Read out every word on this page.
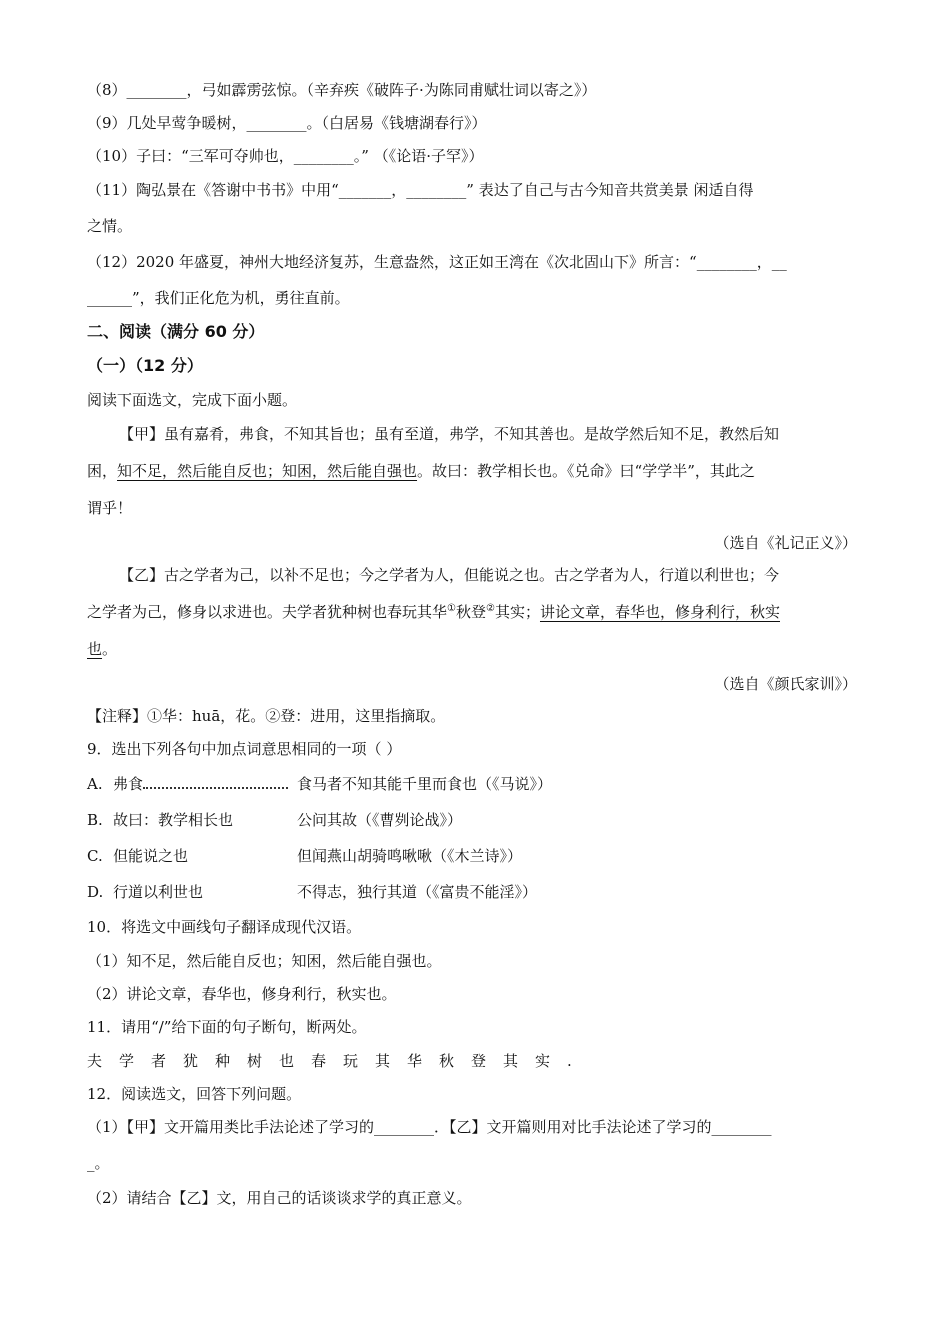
（8）________，弓如霹雳弦惊。（辛弃疾《破阵子·为陈同甫赋壮词以寄之》）
（9）几处早莺争暖树，________。（白居易《钱塘湖春行》）
（10）子曰：“三军可夺帅也，________。” （《论语·子罕》）
（11）陶弘景在《答谢中书书》中用“_______，________” 表达了自己与古今知音共赏美景 闲适自得
之情。
（12）2020 年盛夏，神州大地经济复苏，生意盎然，这正如王湾在《次北固山下》所言：“________，__
______”，我们正化危为机，勇往直前。
二、阅读（满分 60 分）
（一）（12 分）
阅读下面选文，完成下面小题。
【甲】虽有嘉肴，弗食，不知其旨也；虽有至道，弗学，不知其善也。是故学然后知不足，教然后知
困，知不足，然后能自反也；知困，然后能自强也。故曰：教学相长也。《兑命》曰“学学半”，其此之
谓乎！
（选自《礼记正义》）
【乙】古之学者为己，以补不足也；今之学者为人，但能说之也。古之学者为人，行道以利世也；今
之学者为己，修身以求进也。夫学者犹种树也春玩其华①秋登②其实；讲论文章，春华也，修身利行，秋实
也。
（选自《颜氏家训》）
【注释】①华：huā，花。②登：进用，这里指摘取。
9．选出下列各句中加点词意思相同的一项（ ）
A. 弗食	食马者不知其能千里而食也（《马说》）
B. 故曰：教学相长也	公问其故（《曹刿论战》）
C. 但能说之也	但闻燕山胡骑鸣啾啾（《木兰诗》）
D. 行道以利世也	不得志，独行其道（《富贵不能淫》）
10．将选文中画线句子翻译成现代汉语。
（1）知不足，然后能自反也；知困，然后能自强也。
（2）讲论文章，春华也，修身利行，秋实也。
11．请用“/”给下面的句子断句，断两处。
夫学者犹种树也春玩其华秋登其实.
12．阅读选文，回答下列问题。
（1）【甲】文开篇用类比手法论述了学习的________．【乙】文开篇则用对比手法论述了学习的________
_。
（2）请结合【乙】文，用自己的话谈谈求学的真正意义。
